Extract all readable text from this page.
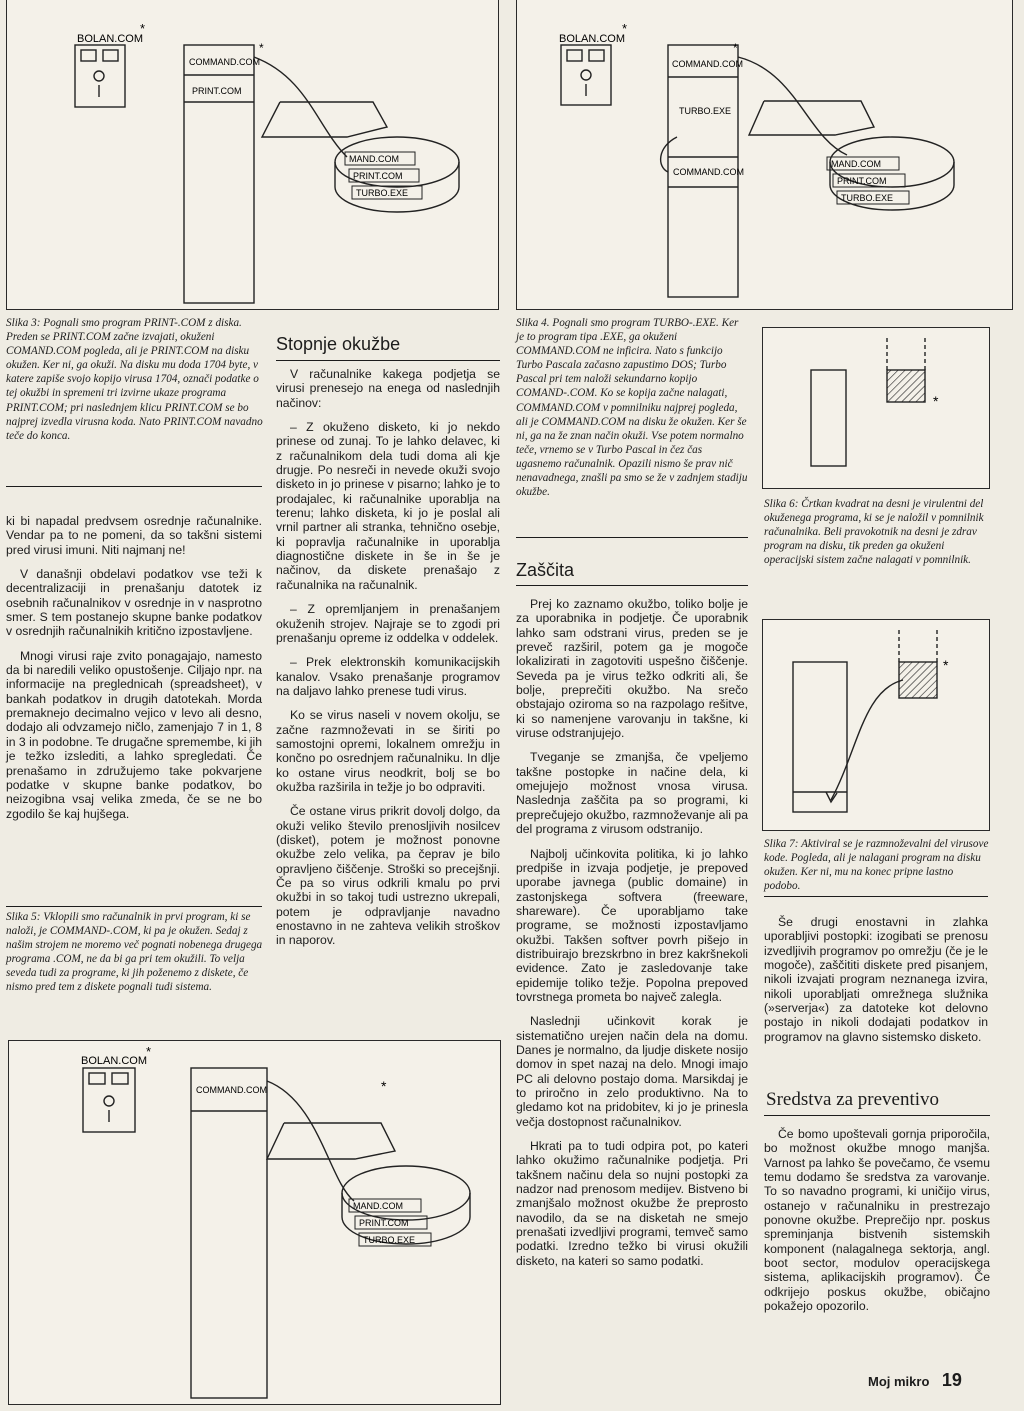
BOLAN.COM
*
COMMAND.COM
*
PRINT.COM
MAND.COM
PRINT.COM
TURBO.EXE
BOLAN.COM
*
COMMAND.COM
*
TURBO.EXE
COMMAND.COM
MAND.COM
PRINT.COM
TURBO.EXE

Slika 3: Pognali smo program PRINT-.COM z diska. Preden se PRINT.COM začne izvajati, okuženi COMAND.COM pogleda, ali je PRINT.COM na disku okužen. Ker ni, ga okuži. Na disku mu doda 1704 byte, v katere zapiše svojo kopijo virusa 1704, označi podatke o tej okužbi in spremeni tri izvirne ukaze programa PRINT.COM; pri naslednjem klicu PRINT.COM se bo najprej izvedla virusna koda. Nato PRINT.COM navadno teče do konca.

ki bi napadal predvsem osrednje računalnike. Vendar pa to ne pomeni, da so takšni sistemi pred virusi imuni. Niti najmanj ne!

V današnji obdelavi podatkov vse teži k decentralizaciji in prenašanju datotek iz osebnih računalnikov v osrednje in v nasprotno smer. S tem postanejo skupne banke podatkov v osrednjih računalnikih kritično izpostavljene.

Mnogi virusi raje zvito ponagajajo, namesto da bi naredili veliko opustošenje. Ciljajo npr. na informacije na preglednicah (spreadsheet), v bankah podatkov in drugih datotekah. Morda premaknejo decimalno vejico v levo ali desno, dodajo ali odvzamejo ničlo, zamenjajo 7 in 1, 8 in 3 in podobne. Te drugačne spremembe, ki jih je težko izslediti, a lahko spregledati. Če prenašamo in združujemo take pokvarjene podatke v skupne banke podatkov, bo neizogibna vsaj velika zmeda, če se ne bo zgodilo še kaj hujšega.

Slika 5: Vklopili smo računalnik in prvi program, ki se naloži, je COMMAND-.COM, ki pa je okužen. Sedaj z našim strojem ne moremo več pognati nobenega drugega programa .COM, ne da bi ga pri tem okužili. To velja seveda tudi za programe, ki jih poženemo z diskete, če nismo pred tem z diskete pognali tudi sistema.

Stopnje okužbe

V računalnike kakega podjetja se virusi prenesejo na enega od naslednjih načinov:

– Z okuženo disketo, ki jo nekdo prinese od zunaj. To je lahko delavec, ki z računalnikom dela tudi doma ali kje drugje. Po nesreči in nevede okuži svojo disketo in jo prinese v pisarno; lahko je to prodajalec, ki računalnike uporablja na terenu; lahko disketa, ki jo je poslal ali vrnil partner ali stranka, tehnično osebje, ki popravlja računalnike in uporablja diagnostične diskete in še in še je načinov, da diskete prenašajo z računalnika na računalnik.

– Z opremljanjem in prenašanjem okuženih strojev. Najraje se to zgodi pri prenašanju opreme iz oddelka v oddelek.

– Prek elektronskih komunikacijskih kanalov. Vsako prenašanje programov na daljavo lahko prenese tudi virus.

Ko se virus naseli v novem okolju, se začne razmnoževati in se širiti po samostojni opremi, lokalnem omrežju in končno po osrednjem računalniku. In dlje ko ostane virus neodkrit, bolj se bo okužba razširila in težje jo bo odpraviti.

Če ostane virus prikrit dovolj dolgo, da okuži veliko število prenosljivih nosilcev (disket), potem je možnost ponovne okužbe zelo velika, pa čeprav je bilo opravljeno čiščenje. Stroški so precejšnji. Če pa so virus odkrili kmalu po prvi okužbi in so takoj tudi ustrezno ukrepali, potem je odpravljanje navadno enostavno in ne zahteva velikih stroškov in naporov.

Slika 4. Pognali smo program TURBO-.EXE. Ker je to program tipa .EXE, ga okuženi COMMAND.COM ne inficira. Nato s funkcijo Turbo Pascala začasno zapustimo DOS; Turbo Pascal pri tem naloži sekundarno kopijo COMAND-.COM. Ko se kopija začne nalagati, COMMAND.COM v pomnilniku najprej pogleda, ali je COMMAND.COM na disku že okužen. Ker še ni, ga na že znan način okuži. Vse potem normalno teče, vrnemo se v Turbo Pascal in čez čas ugasnemo računalnik. Opazili nismo še prav nič nenavadnega, znašli pa smo se že v zadnjem stadiju okužbe.

Zaščita

Prej ko zaznamo okužbo, toliko bolje je za uporabnika in podjetje. Če uporabnik lahko sam odstrani virus, preden se je preveč razširil, potem ga je mogoče lokalizirati in zagotoviti uspešno čiščenje. Seveda pa je virus težko odkriti ali, še bolje, preprečiti okužbo. Na srečo obstajajo oziroma so na razpolago rešitve, ki so namenjene varovanju in takšne, ki viruse odstranjujejo.

Tveganje se zmanjša, če vpeljemo takšne postopke in načine dela, ki omejujejo možnost vnosa virusa. Naslednja zaščita pa so programi, ki preprečujejo okužbo, razmnoževanje ali pa del programa z virusom odstranijo.

Najbolj učinkovita politika, ki jo lahko predpiše in izvaja podjetje, je prepoved uporabe javnega (public domaine) in zastonjskega softvera (freeware, shareware). Če uporabljamo take programe, se možnosti izpostavljamo okužbi. Takšen softver povrh pišejo in distribuirajo brezskrbno in brez kakršnekoli evidence. Zato je zasledovanje take epidemije toliko težje. Popolna prepoved tovrstnega prometa bo največ zalegla.

Naslednji učinkovit korak je sistematično urejen način dela na domu. Danes je normalno, da ljudje diskete nosijo domov in spet nazaj na delo. Mnogi imajo PC ali delovno postajo doma. Marsikdaj je to priročno in zelo produktivno. Na to gledamo kot na pridobitev, ki jo je prinesla večja dostopnost računalnikov.

Hkrati pa to tudi odpira pot, po kateri lahko okužimo računalnike podjetja. Pri takšnem načinu dela so nujni postopki za nadzor nad prenosom medijev. Bistveno bi zmanjšalo možnost okužbe že preprosto navodilo, da se na disketah ne smejo prenašati izvedljivi programi, temveč samo podatki. Izredno težko bi virusi okužili disketo, na kateri so samo podatki.

*

Slika 6: Črtkan kvadrat na desni je virulentni del okuženega programa, ki se je naložil v pomnilnik računalnika. Beli pravokotnik na desni je zdrav program na disku, tik preden ga okuženi operacijski sistem začne nalagati v pomnilnik.

*

Slika 7: Aktiviral se je razmnoževalni del virusove kode. Pogleda, ali je nalagani program na disku okužen. Ker ni, mu na konec pripne lastno podobo.

Še drugi enostavni in zlahka uporabljivi postopki: izogibati se prenosu izvedljivih programov po omrežju (če je le mogoče), zaščititi diskete pred pisanjem, nikoli izvajati program neznanega izvira, nikoli uporabljati omrežnega služnika (»serverja«) za datoteke kot delovno postajo in nikoli dodajati podatkov in programov na glavno sistemsko disketo.

Sredstva za preventivo

Če bomo upoštevali gornja priporočila, bo možnost okužbe mnogo manjša. Varnost pa lahko še povečamo, če vsemu temu dodamo še sredstva za varovanje. To so navadno programi, ki uničijo virus, ostanejo v računalniku in prestrezajo ponovne okužbe. Preprečijo npr. poskus spreminjanja bistvenih sistemskih komponent (nalagalnega sektorja, angl. boot sector, modulov operacijskega sistema, aplikacijskih programov). Če odkrijejo poskus okužbe, običajno pokažejo opozorilo.

BOLAN.COM
*
COMMAND.COM	*
MAND.COM
PRINT.COM
TURBO.EXE
Moj mikro 19
